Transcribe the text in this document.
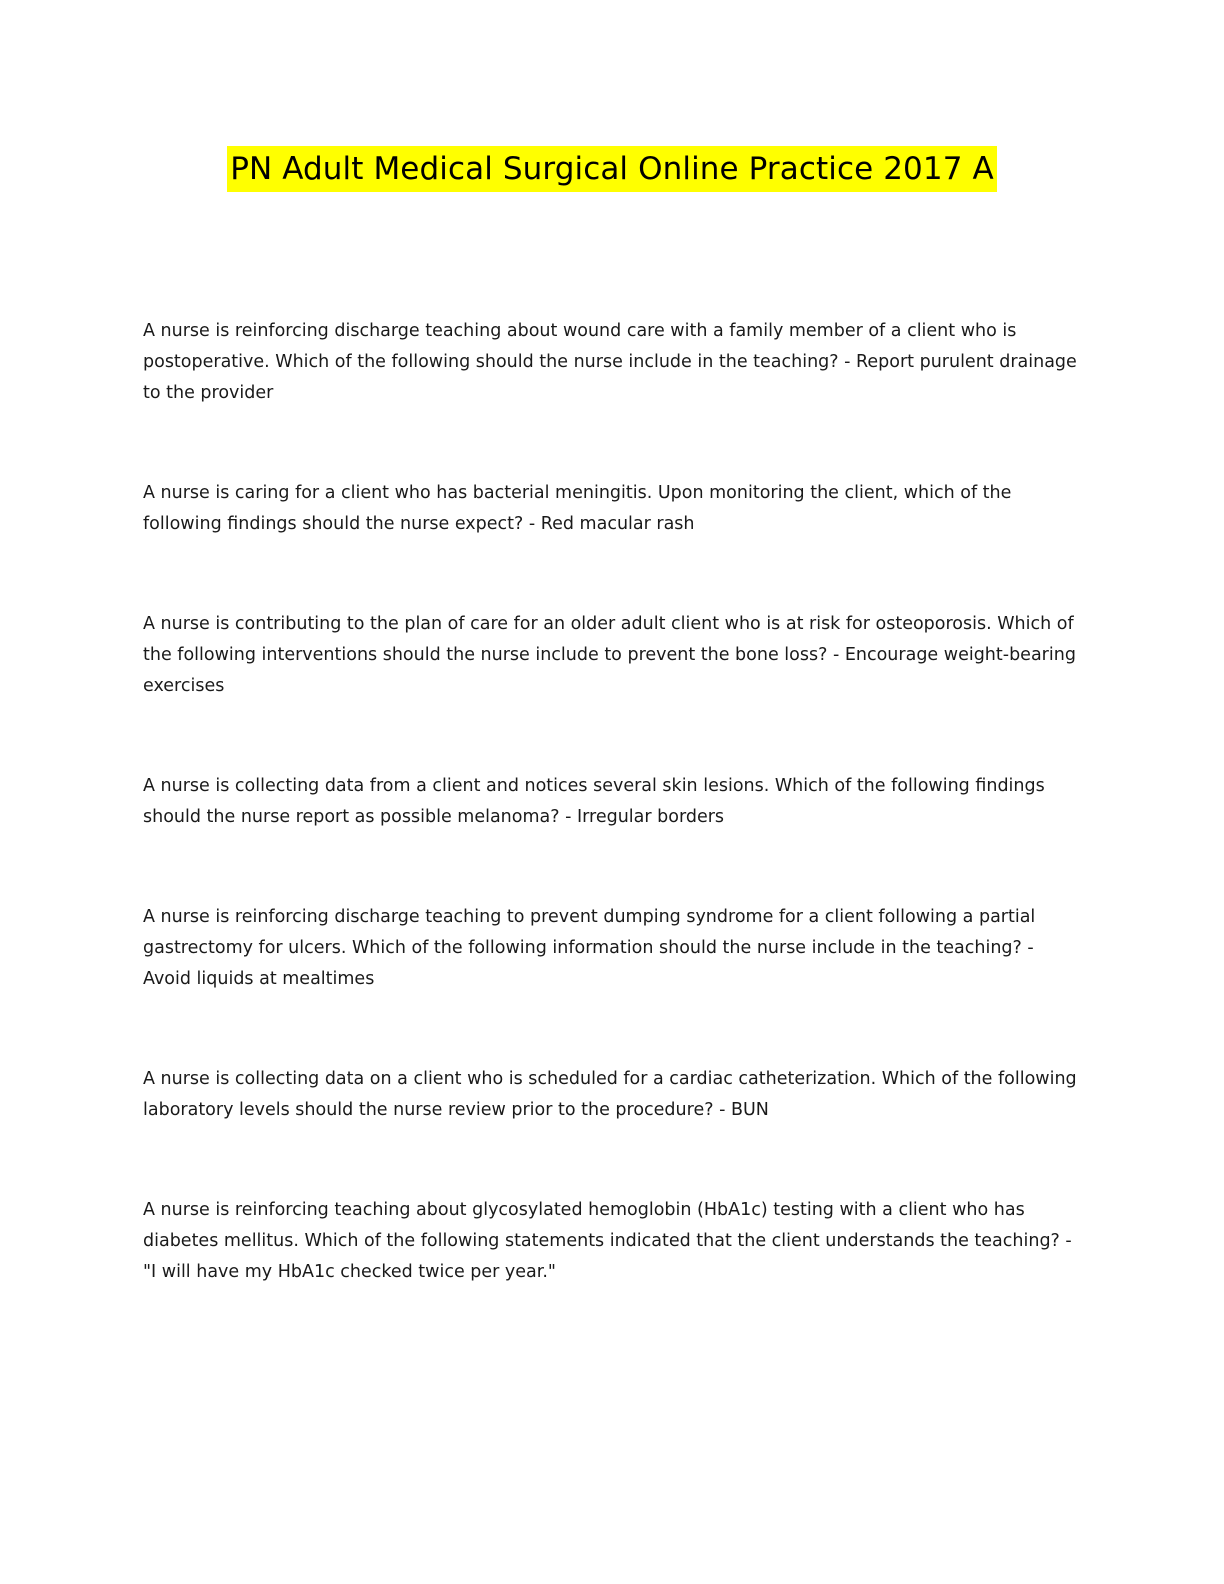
PN Adult Medical Surgical Online Practice 2017 A

A nurse is reinforcing discharge teaching about wound care with a family member of a client who is postoperative. Which of the following should the nurse include in the teaching? - Report purulent drainage to the provider

A nurse is caring for a client who has bacterial meningitis. Upon monitoring the client, which of the following findings should the nurse expect? - Red macular rash

A nurse is contributing to the plan of care for an older adult client who is at risk for osteoporosis. Which of the following interventions should the nurse include to prevent the bone loss? - Encourage weight-bearing exercises

A nurse is collecting data from a client and notices several skin lesions. Which of the following findings should the nurse report as possible melanoma? - Irregular borders

A nurse is reinforcing discharge teaching to prevent dumping syndrome for a client following a partial gastrectomy for ulcers. Which of the following information should the nurse include in the teaching? - Avoid liquids at mealtimes

A nurse is collecting data on a client who is scheduled for a cardiac catheterization. Which of the following laboratory levels should the nurse review prior to the procedure? - BUN

A nurse is reinforcing teaching about glycosylated hemoglobin (HbA1c) testing with a client who has diabetes mellitus. Which of the following statements indicated that the client understands the teaching? - "I will have my HbA1c checked twice per year."
